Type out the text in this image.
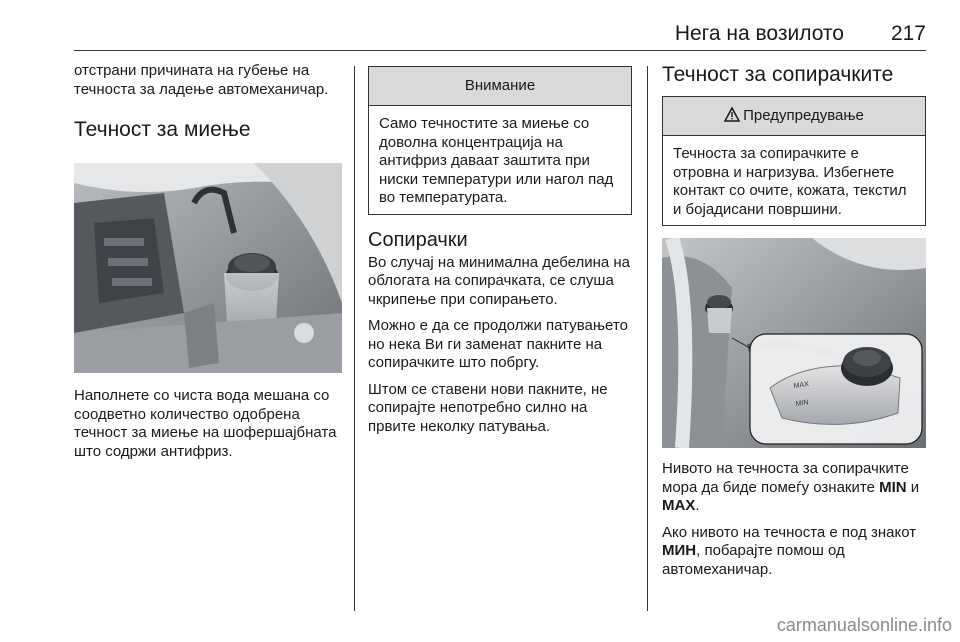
Нега на возилото 217

отстрани причината на губење на течноста за ладење автомеханичар.

Течност за миење

Наполнете со чиста вода мешана со соодветно количество одобрена течност за миење на шофершајбната што содржи антифриз.

Внимание

Само течностите за миење со доволна концентрација на антифриз даваат заштита при ниски температури или нагол пад во температурата.

Сопирачки

Во случај на минимална дебелина на облогата на сопирачката, се слуша чкрипење при сопирањето.

Можно е да се продолжи патувањето но нека Ви ги заменат пакните на сопирачките што побргу.

Штом се ставени нови пакните, не сопирајте непотребно силно на првите неколку патувања.

Течност за сопирачките
Предупредување

Течноста за сопирачките е отровна и нагризува. Избегнете контакт со очите, кожата, текстил и бојадисани површини.

MAX
MIN

Нивото на течноста за сопирачките мора да биде помеѓу ознаките MIN и MAX.

Ако нивото на течноста е под знакот МИН, побарајте помош од автомеханичар.

carmanualsonline.info
